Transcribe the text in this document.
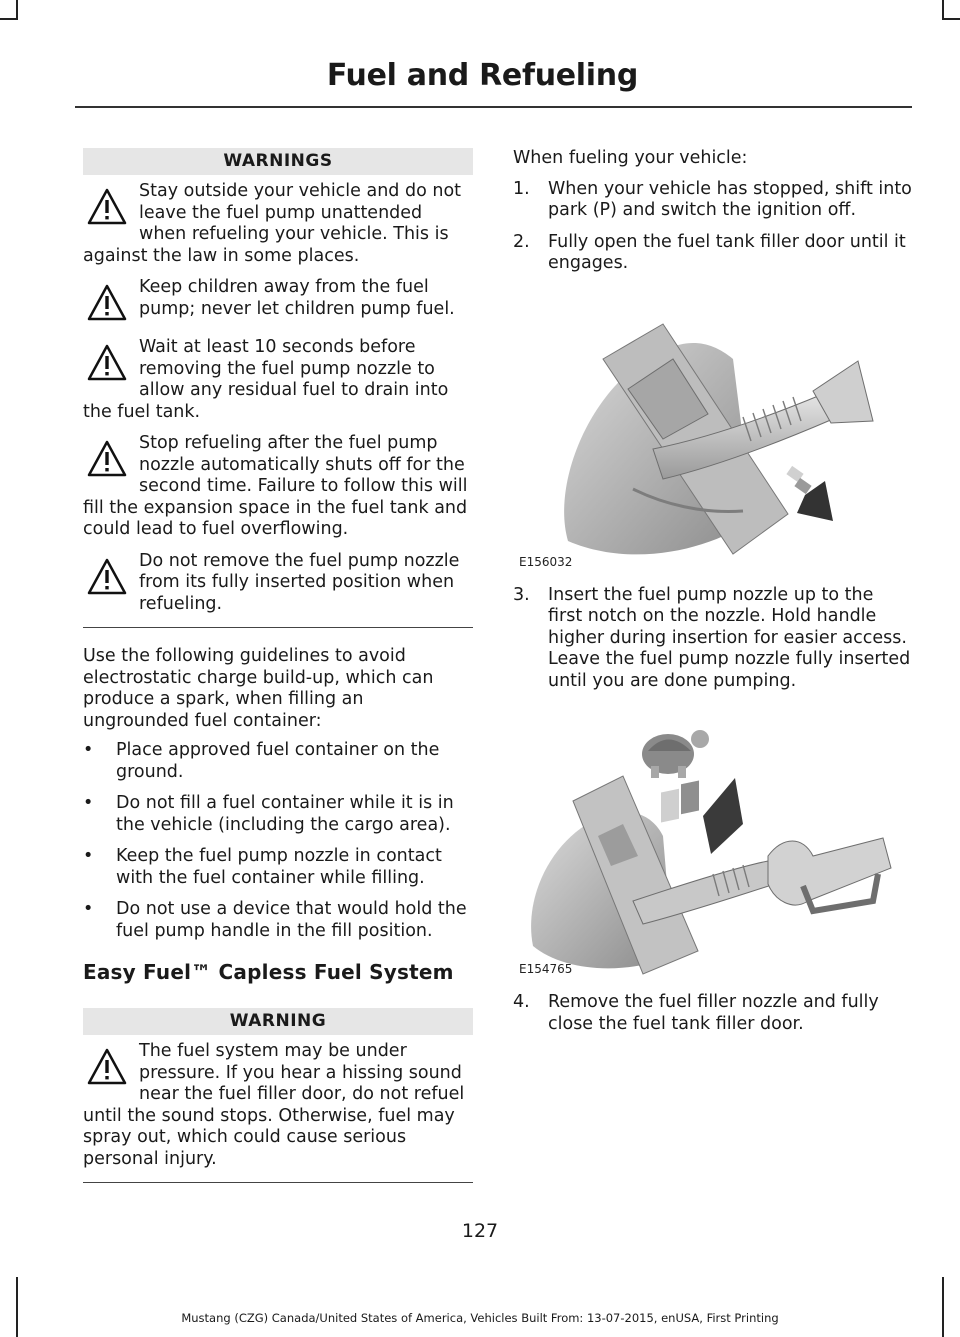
Fuel and Refueling
WARNINGS
Stay outside your vehicle and do not leave the fuel pump unattended when refueling your vehicle. This is against the law in some places.
Keep children away from the fuel pump; never let children pump fuel.
Wait at least 10 seconds before removing the fuel pump nozzle to allow any residual fuel to drain into the fuel tank.
Stop refueling after the fuel pump nozzle automatically shuts off for the second time. Failure to follow this will fill the expansion space in the fuel tank and could lead to fuel overflowing.
Do not remove the fuel pump nozzle from its fully inserted position when refueling.

Use the following guidelines to avoid electrostatic charge build-up, which can produce a spark, when filling an ungrounded fuel container:

• Place approved fuel container on the ground.
• Do not fill a fuel container while it is in the vehicle (including the cargo area).
• Keep the fuel pump nozzle in contact with the fuel container while filling.
• Do not use a device that would hold the fuel pump handle in the fill position.
Easy Fuel™ Capless Fuel System
WARNING
The fuel system may be under pressure. If you hear a hissing sound near the fuel filler door, do not refuel until the sound stops. Otherwise, fuel may spray out, which could cause serious personal injury.

When fueling your vehicle:

1. When your vehicle has stopped, shift into park (P) and switch the ignition off.
2. Fully open the fuel tank filler door until it engages.
E156032
3. Insert the fuel pump nozzle up to the first notch on the nozzle. Hold handle higher during insertion for easier access. Leave the fuel pump nozzle fully inserted until you are done pumping.
E154765
4. Remove the fuel filler nozzle and fully close the fuel tank filler door.
127
Mustang (CZG) Canada/United States of America, Vehicles Built From: 13-07-2015, enUSA, First Printing
